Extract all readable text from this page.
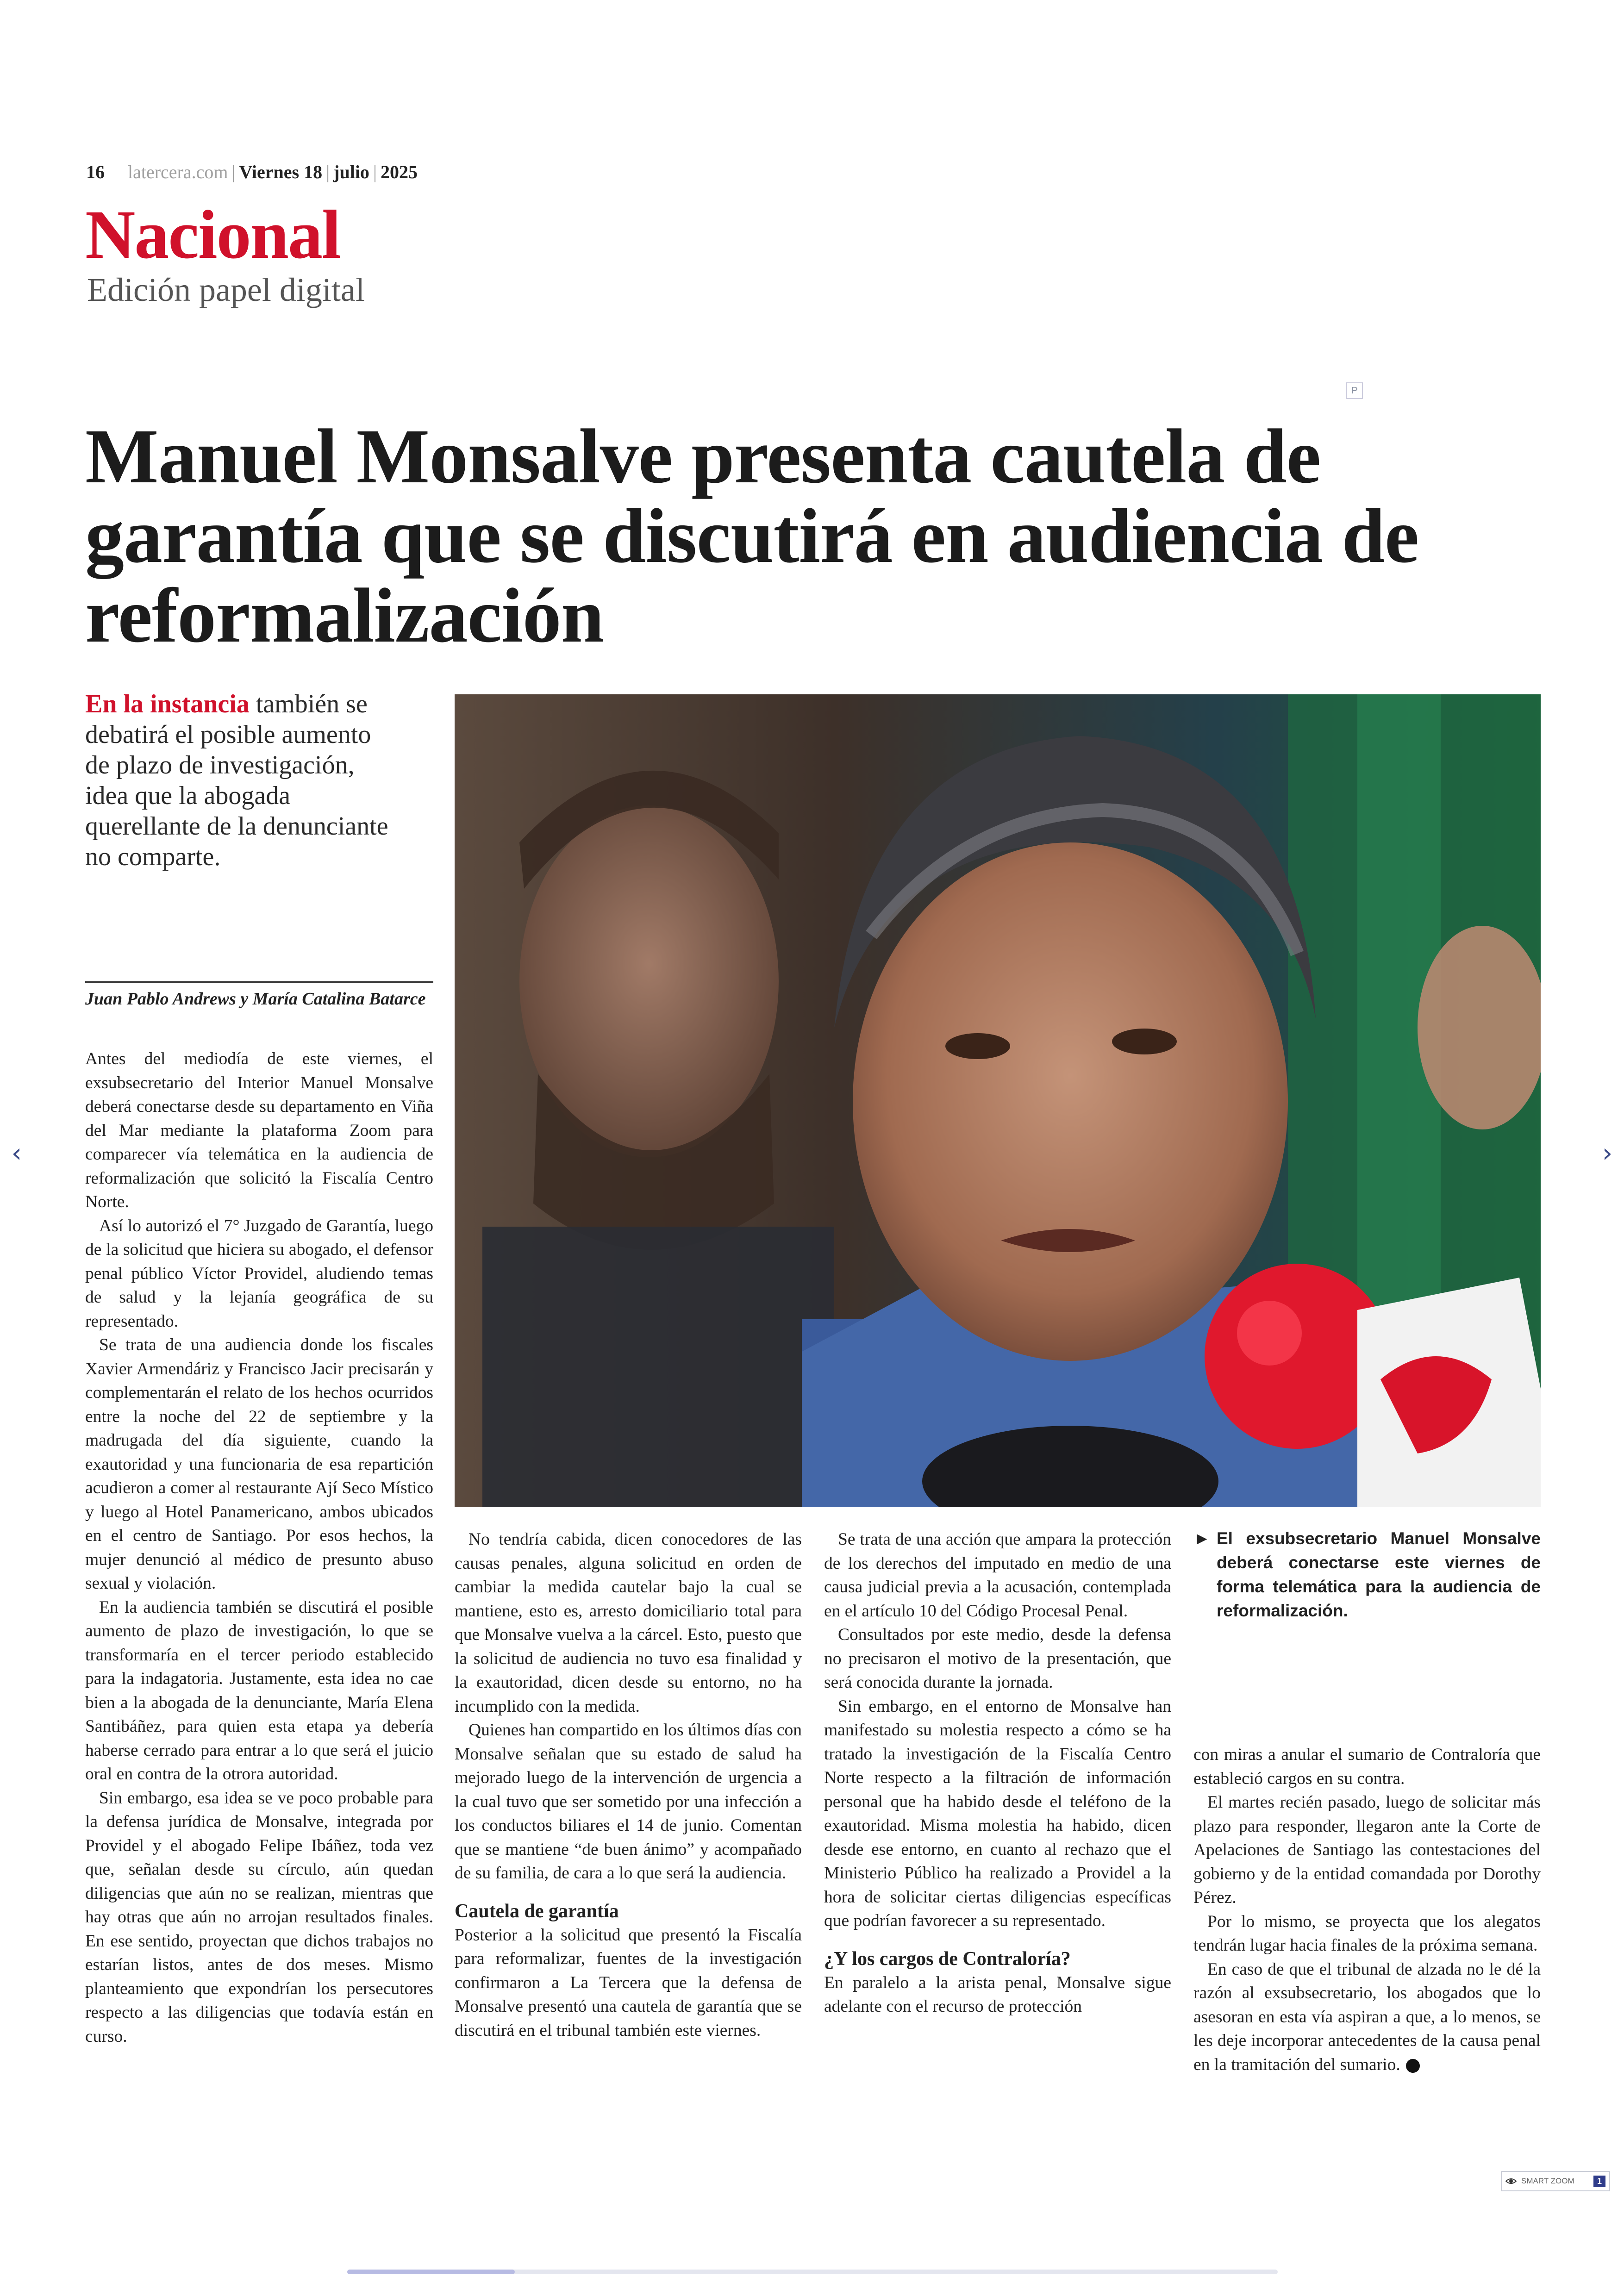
16 latercera.com | Viernes 18 | julio | 2025
Nacional
Edición papel digital
P
Manuel Monsalve presenta cautela de garantía que se discutirá en audiencia de reformalización
En la instancia también se debatirá el posible aumento de plazo de investigación, idea que la abogada querellante de la denunciante no comparte.
Juan Pablo Andrews y María Catalina Batarce

Antes del mediodía de este viernes, el exsubsecretario del Interior Manuel Monsalve deberá conectarse desde su departamento en Viña del Mar mediante la plataforma Zoom para comparecer vía telemática en la audiencia de reformalización que solicitó la Fiscalía Centro Norte.

Así lo autorizó el 7° Juzgado de Garantía, luego de la solicitud que hiciera su abogado, el defensor penal público Víctor Providel, aludiendo temas de salud y la lejanía geográfica de su representado.

Se trata de una audiencia donde los fiscales Xavier Armendáriz y Francisco Jacir precisarán y complementarán el relato de los hechos ocurridos entre la noche del 22 de septiembre y la madrugada del día siguiente, cuando la exautoridad y una funcionaria de esa repartición acudieron a comer al restaurante Ají Seco Místico y luego al Hotel Panamericano, ambos ubicados en el centro de Santiago. Por esos hechos, la mujer denunció al médico de presunto abuso sexual y violación.

En la audiencia también se discutirá el posible aumento de plazo de investigación, lo que se transformaría en el tercer periodo establecido para la indagatoria. Justamente, esta idea no cae bien a la abogada de la denunciante, María Elena Santibáñez, para quien esta etapa ya debería haberse cerrado para entrar a lo que será el juicio oral en contra de la otrora autoridad.

Sin embargo, esa idea se ve poco probable para la defensa jurídica de Monsalve, integrada por Providel y el abogado Felipe Ibáñez, toda vez que, señalan desde su círculo, aún quedan diligencias que aún no se realizan, mientras que hay otras que aún no arrojan resultados finales. En ese sentido, proyectan que dichos trabajos no estarían listos, antes de dos meses. Mismo planteamiento que expondrían los persecutores respecto a las diligencias que todavía están en curso.

No tendría cabida, dicen conocedores de las causas penales, alguna solicitud en orden de cambiar la medida cautelar bajo la cual se mantiene, esto es, arresto domiciliario total para que Monsalve vuelva a la cárcel. Esto, puesto que la solicitud de audiencia no tuvo esa finalidad y la exautoridad, dicen desde su entorno, no ha incumplido con la medida.

Quienes han compartido en los últimos días con Monsalve señalan que su estado de salud ha mejorado luego de la intervención de urgencia a la cual tuvo que ser sometido por una infección a los conductos biliares el 14 de junio. Comentan que se mantiene “de buen ánimo” y acompañado de su familia, de cara a lo que será la audiencia.

Cautela de garantía

Posterior a la solicitud que presentó la Fiscalía para reformalizar, fuentes de la investigación confirmaron a La Tercera que la defensa de Monsalve presentó una cautela de garantía que se discutirá en el tribunal también este viernes.

Se trata de una acción que ampara la protección de los derechos del imputado en medio de una causa judicial previa a la acusación, contemplada en el artículo 10 del Código Procesal Penal.

Consultados por este medio, desde la defensa no precisaron el motivo de la presentación, que será conocida durante la jornada.

Sin embargo, en el entorno de Monsalve han manifestado su molestia respecto a cómo se ha tratado la investigación de la Fiscalía Centro Norte respecto a la filtración de información personal que ha habido desde el teléfono de la exautoridad. Misma molestia ha habido, dicen desde ese entorno, en cuanto al rechazo que el Ministerio Público ha realizado a Providel a la hora de solicitar ciertas diligencias específicas que podrían favorecer a su representado.

¿Y los cargos de Contraloría?

En paralelo a la arista penal, Monsalve sigue adelante con el recurso de protección

► El exsubsecretario Manuel Monsalve deberá conectarse este viernes de forma telemática para la audiencia de reformalización.

con miras a anular el sumario de Contraloría que estableció cargos en su contra.

El martes recién pasado, luego de solicitar más plazo para responder, llegaron ante la Corte de Apelaciones de Santiago las contestaciones del gobierno y de la entidad comandada por Dorothy Pérez.

Por lo mismo, se proyecta que los alegatos tendrán lugar hacia finales de la próxima semana.

En caso de que el tribunal de alzada no le dé la razón al exsubsecretario, los abogados que lo asesoran en esta vía aspiran a que, a lo menos, se les deje incorporar antecedentes de la causa penal en la tramitación del sumario.

‹	›
SMART ZOOM	1
